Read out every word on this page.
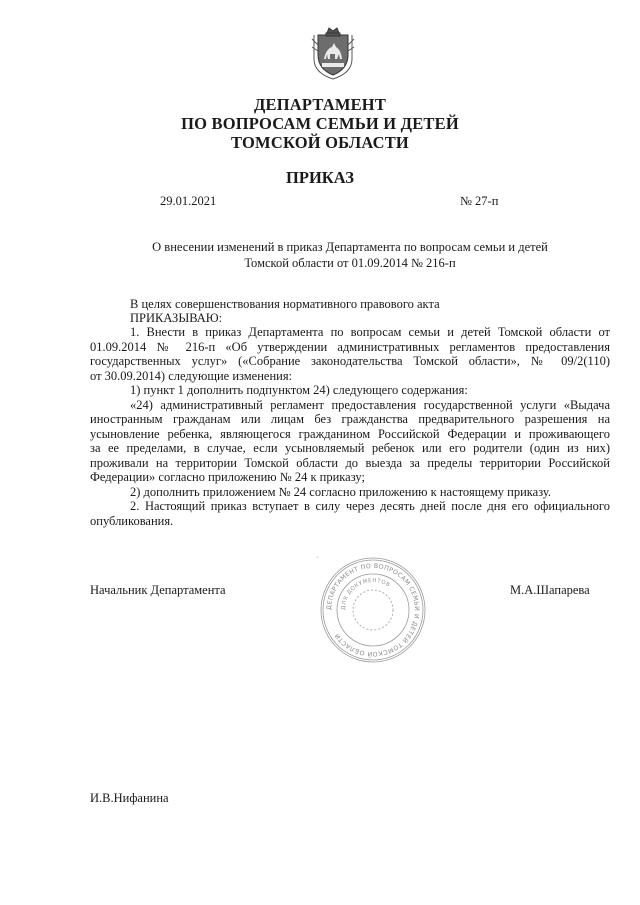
ДЕПАРТАМЕНТ
ПО ВОПРОСАМ СЕМЬИ И ДЕТЕЙ
ТОМСКОЙ ОБЛАСТИ
ПРИКАЗ
29.01.2021	№ 27-п
О внесении изменений в приказ Департамента по вопросам семьи и детей
Томской области от 01.09.2014 № 216-п
В целях совершенствования нормативного правового акта
ПРИКАЗЫВАЮ:
1. Внести в приказ Департамента по вопросам семьи и детей Томской области от
01.09.2014 № 216-п «Об утверждении административных регламентов предоставления
государственных услуг» («Собрание законодательства Томской области», № 09/2(110)
от 30.09.2014) следующие изменения:
1) пункт 1 дополнить подпунктом 24) следующего содержания:
«24) административный регламент предоставления государственной услуги «Выдача
иностранным гражданам или лицам без гражданства предварительного разрешения на
усыновление ребенка, являющегося гражданином Российской Федерации и проживающего
за ее пределами, в случае, если усыновляемый ребенок или его родители (один из них)
проживали на территории Томской области до выезда за пределы территории Российской
Федерации» согласно приложению № 24 к приказу;
2) дополнить приложением № 24 согласно приложению к настоящему приказу.
2. Настоящий приказ вступает в силу через десять дней после дня его официального
опубликования.
ˎ
ДЕПАРТАМЕНТ ПО ВОПРОСАМ СЕМЬИ И ДЕТЕЙ ТОМСКОЙ ОБЛАСТИ
ДЛЯ ДОКУМЕНТОВ
Начальник Департамента	М.А.Шапарева
И.В.Нифанина
